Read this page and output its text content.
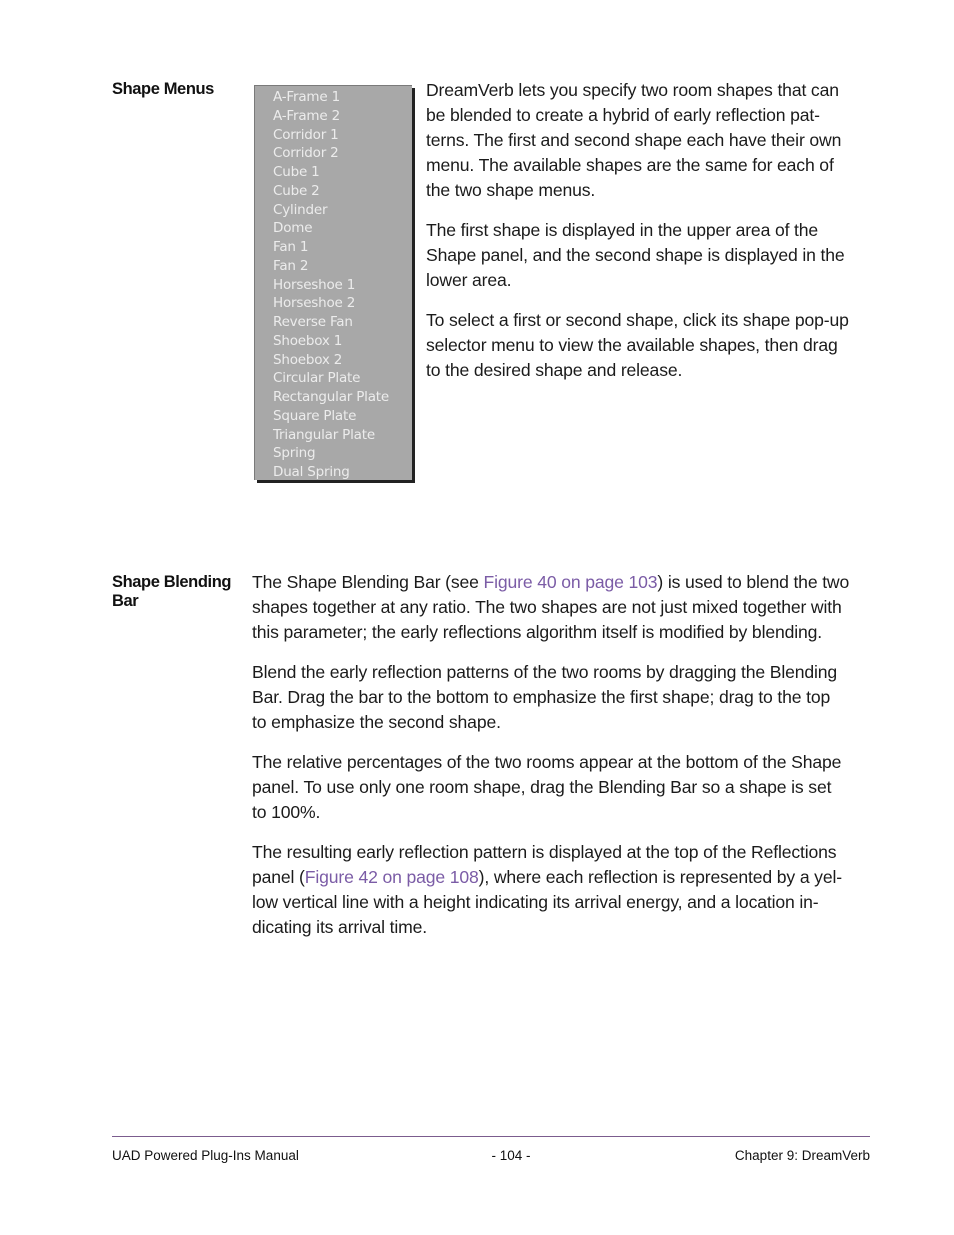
Shape Menus	A-Frame 1
A-Frame 2
Corridor 1
Corridor 2
Cube 1
Cube 2
Cylinder
Dome
Fan 1
Fan 2
Horseshoe 1
Horseshoe 2
Reverse Fan
Shoebox 1
Shoebox 2
Circular Plate
Rectangular Plate
Square Plate
Triangular Plate
Spring
Dual Spring

DreamVerb lets you specify two room shapes that can
be blended to create a hybrid of early reflection pat-
terns. The first and second shape each have their own
menu. The available shapes are the same for each of
the two shape menus.

The first shape is displayed in the upper area of the
Shape panel, and the second shape is displayed in the
lower area.

To select a first or second shape, click its shape pop-up
selector menu to view the available shapes, then drag
to the desired shape and release.

Shape Blending
Bar

The Shape Blending Bar (see Figure 40 on page 103) is used to blend the two
shapes together at any ratio. The two shapes are not just mixed together with
this parameter; the early reflections algorithm itself is modified by blending.

Blend the early reflection patterns of the two rooms by dragging the Blending
Bar. Drag the bar to the bottom to emphasize the first shape; drag to the top
to emphasize the second shape.

The relative percentages of the two rooms appear at the bottom of the Shape
panel. To use only one room shape, drag the Blending Bar so a shape is set
to 100%.

The resulting early reflection pattern is displayed at the top of the Reflections
panel (Figure 42 on page 108), where each reflection is represented by a yel-
low vertical line with a height indicating its arrival energy, and a location in-
dicating its arrival time.

UAD Powered Plug-Ins Manual	- 104 -	Chapter 9: DreamVerb
